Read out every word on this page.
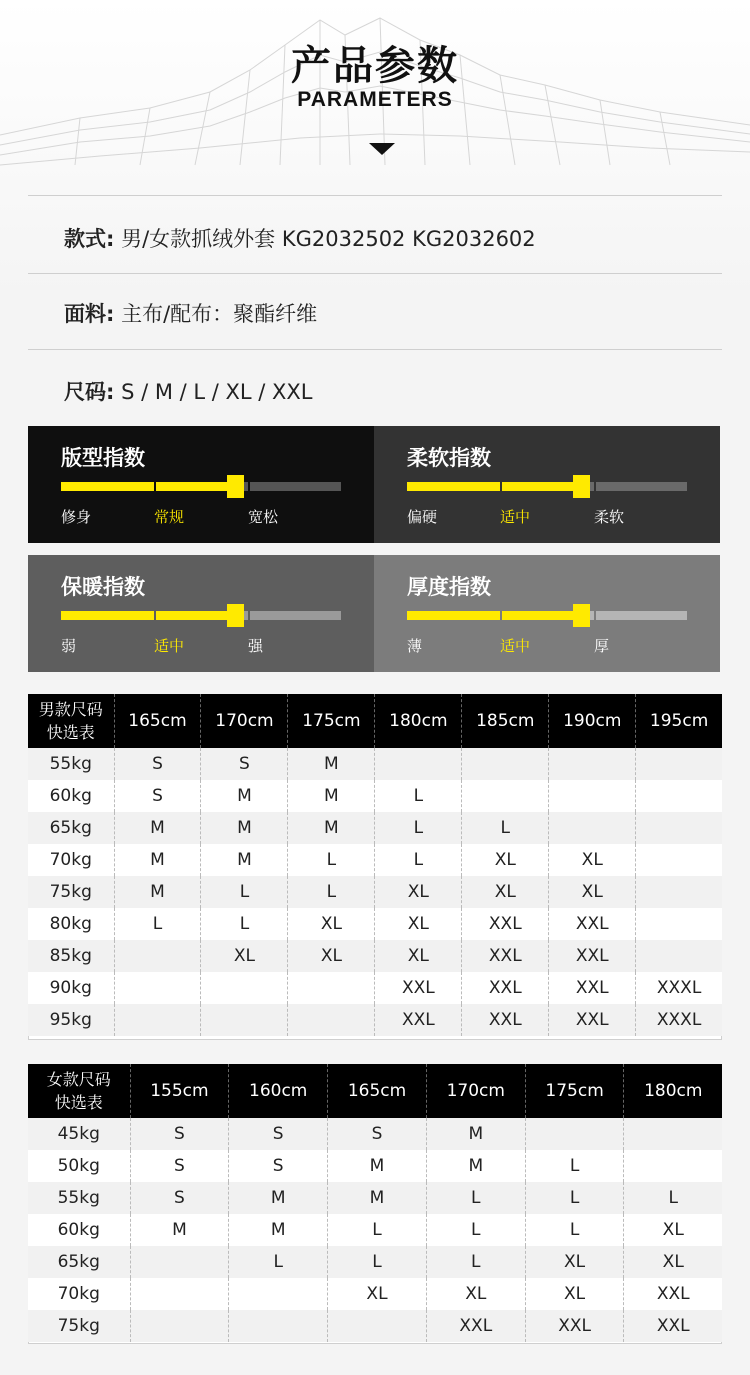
产品参数
PARAMETERS
款式: 男/女款抓绒外套 KG2032502 KG2032602
面料: 主布/配布：聚酯纤维
尺码: S / M / L / XL / XXL
版型指数
修身	常规	宽松
柔软指数
偏硬	适中	柔软
保暖指数
弱	适中	强
厚度指数
薄	适中	厚
男款尺码
快选表	165cm	170cm	175cm	180cm	185cm	190cm	195cm
55kg	S	S	M				
60kg	S	M	M	L			
65kg	M	M	M	L	L		
70kg	M	M	L	L	XL	XL	
75kg	M	L	L	XL	XL	XL	
80kg	L	L	XL	XL	XXL	XXL	
85kg		XL	XL	XL	XXL	XXL	
90kg				XXL	XXL	XXL	XXXL
95kg				XXL	XXL	XXL	XXXL
女款尺码
快选表	155cm	160cm	165cm	170cm	175cm	180cm
45kg	S	S	S	M		
50kg	S	S	M	M	L	
55kg	S	M	M	L	L	L
60kg	M	M	L	L	L	XL
65kg		L	L	L	XL	XL
70kg			XL	XL	XL	XXL
75kg				XXL	XXL	XXL
